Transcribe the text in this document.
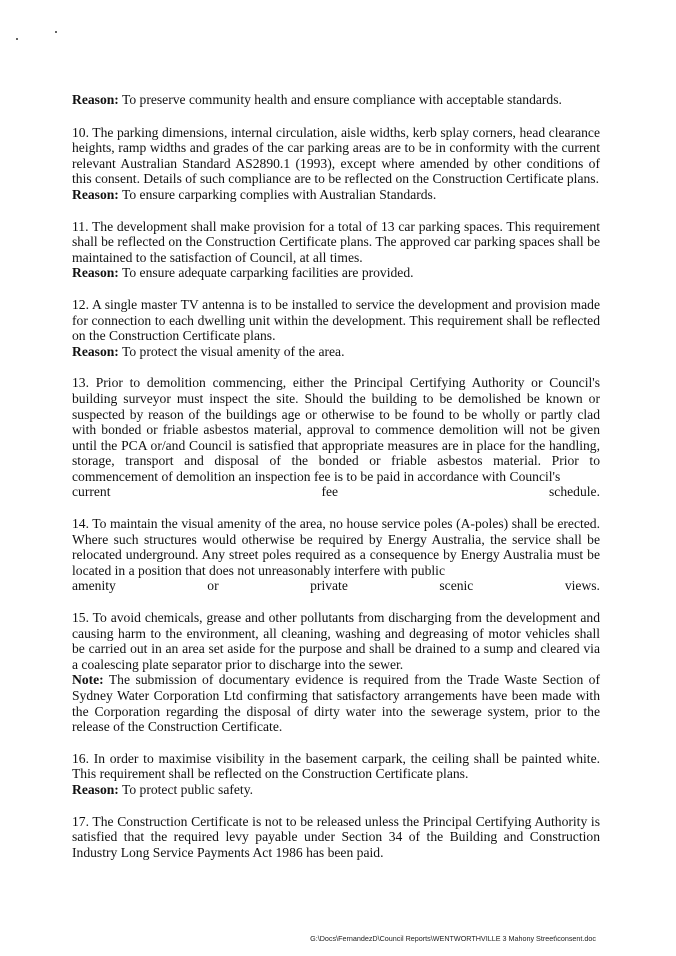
Reason: To preserve community health and ensure compliance with acceptable standards.

10. The parking dimensions, internal circulation, aisle widths, kerb splay corners, head clearance heights, ramp widths and grades of the car parking areas are to be in conformity with the current relevant Australian Standard AS2890.1 (1993), except where amended by other conditions of this consent. Details of such compliance are to be reflected on the Construction Certificate plans.

Reason: To ensure carparking complies with Australian Standards.

11. The development shall make provision for a total of 13 car parking spaces. This requirement shall be reflected on the Construction Certificate plans. The approved car parking spaces shall be maintained to the satisfaction of Council, at all times.

Reason: To ensure adequate carparking facilities are provided.

12. A single master TV antenna is to be installed to service the development and provision made for connection to each dwelling unit within the development. This requirement shall be reflected on the Construction Certificate plans.

Reason: To protect the visual amenity of the area.

13. Prior to demolition commencing, either the Principal Certifying Authority or Council's building surveyor must inspect the site. Should the building to be demolished be known or suspected by reason of the buildings age or otherwise to be found to be wholly or partly clad with bonded or friable asbestos material, approval to commence demolition will not be given until the PCA or/and Council is satisfied that appropriate measures are in place for the handling, storage, transport and disposal of the bonded or friable asbestos material. Prior to commencement of demolition an inspection fee is to be paid in accordance with Council's

current	fee	schedule.

14. To maintain the visual amenity of the area, no house service poles (A-poles) shall be erected. Where such structures would otherwise be required by Energy Australia, the service shall be relocated underground. Any street poles required as a consequence by Energy Australia must be located in a position that does not unreasonably interfere with public

amenity	or	private	scenic	views.

15. To avoid chemicals, grease and other pollutants from discharging from the development and causing harm to the environment, all cleaning, washing and degreasing of motor vehicles shall be carried out in an area set aside for the purpose and shall be drained to a sump and cleared via a coalescing plate separator prior to discharge into the sewer.

Note: The submission of documentary evidence is required from the Trade Waste Section of Sydney Water Corporation Ltd confirming that satisfactory arrangements have been made with the Corporation regarding the disposal of dirty water into the sewerage system, prior to the release of the Construction Certificate.

16. In order to maximise visibility in the basement carpark, the ceiling shall be painted white. This requirement shall be reflected on the Construction Certificate plans.

Reason: To protect public safety.

17. The Construction Certificate is not to be released unless the Principal Certifying Authority is satisfied that the required levy payable under Section 34 of the Building and Construction Industry Long Service Payments Act 1986 has been paid.

G:\Docs\FernandezD\Council Reports\WENTWORTHVILLE 3 Mahony Street\consent.doc
